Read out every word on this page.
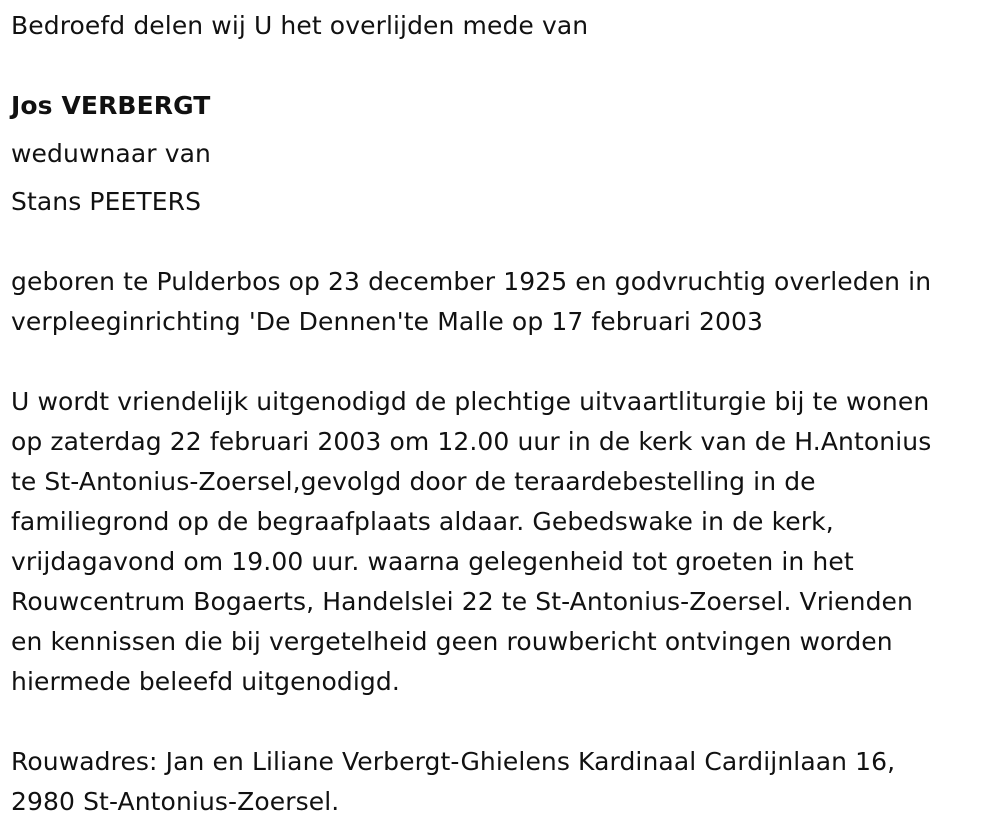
Bedroefd delen wij U het overlijden mede van

Jos VERBERGT

weduwnaar van

Stans PEETERS

geboren te Pulderbos op 23 december 1925 en godvruchtig overleden in
verpleeginrichting 'De Dennen'te Malle op 17 februari 2003
U wordt vriendelijk uitgenodigd de plechtige uitvaartliturgie bij te wonen
op zaterdag 22 februari 2003 om 12.00 uur in de kerk van de H.Antonius
te St-Antonius-Zoersel,gevolgd door de teraardebestelling in de
familiegrond op de begraafplaats aldaar. Gebedswake in de kerk,
vrijdagavond om 19.00 uur. waarna gelegenheid tot groeten in het
Rouwcentrum Bogaerts, Handelslei 22 te St-Antonius-Zoersel. Vrienden
en kennissen die bij vergetelheid geen rouwbericht ontvingen worden
hiermede beleefd uitgenodigd.
Rouwadres: Jan en Liliane Verbergt-Ghielens Kardinaal Cardijnlaan 16,
2980 St-Antonius-Zoersel.
